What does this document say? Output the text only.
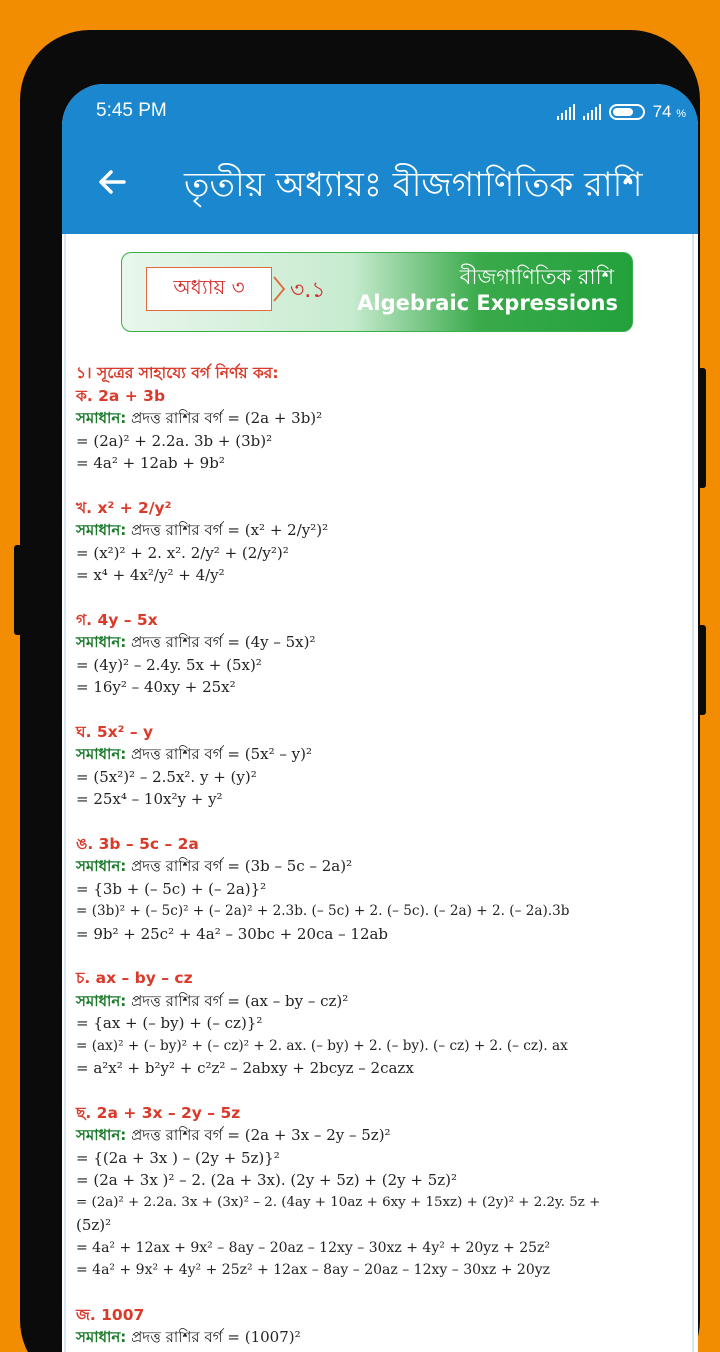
5:45 PM	74 %
তৃতীয় অধ্যায়ঃ বীজগাণিতিক রাশি
অধ্যায় ৩	৩.১
বীজগাণিতিক রাশি
Algebraic Expressions
১। সূত্রের সাহায্যে বর্গ নির্ণয় কর:
ক. 2a + 3b
সমাধান: প্রদত্ত রাশির বর্গ = (2a + 3b)²
= (2a)² + 2.2a. 3b + (3b)²
= 4a² + 12ab + 9b²
খ. x² + 2/y²
সমাধান: প্রদত্ত রাশির বর্গ = (x² + 2/y²)²
= (x²)² + 2. x². 2/y² + (2/y²)²
= x⁴ + 4x²/y² + 4/y²
গ. 4y – 5x
সমাধান: প্রদত্ত রাশির বর্গ = (4y – 5x)²
= (4y)² – 2.4y. 5x + (5x)²
= 16y² – 40xy + 25x²
ঘ. 5x² – y
সমাধান: প্রদত্ত রাশির বর্গ = (5x² – y)²
= (5x²)² – 2.5x². y + (y)²
= 25x⁴ – 10x²y + y²
ঙ. 3b – 5c – 2a
সমাধান: প্রদত্ত রাশির বর্গ = (3b – 5c – 2a)²
= {3b + (– 5c) + (– 2a)}²
= (3b)² + (– 5c)² + (– 2a)² + 2.3b. (– 5c) + 2. (– 5c). (– 2a) + 2. (– 2a).3b
= 9b² + 25c² + 4a² – 30bc + 20ca – 12ab
চ. ax – by – cz
সমাধান: প্রদত্ত রাশির বর্গ = (ax – by – cz)²
= {ax + (– by) + (– cz)}²
= (ax)² + (– by)² + (– cz)² + 2. ax. (– by) + 2. (– by). (– cz) + 2. (– cz). ax
= a²x² + b²y² + c²z² – 2abxy + 2bcyz – 2cazx
ছ. 2a + 3x – 2y – 5z
সমাধান: প্রদত্ত রাশির বর্গ = (2a + 3x – 2y – 5z)²
= {(2a + 3x ) – (2y + 5z)}²
= (2a + 3x )² – 2. (2a + 3x). (2y + 5z) + (2y + 5z)²
= (2a)² + 2.2a. 3x + (3x)² – 2. (4ay + 10az + 6xy + 15xz) + (2y)² + 2.2y. 5z +
(5z)²
= 4a² + 12ax + 9x² – 8ay – 20az – 12xy – 30xz + 4y² + 20yz + 25z²
= 4a² + 9x² + 4y² + 25z² + 12ax – 8ay – 20az – 12xy – 30xz + 20yz
জ. 1007
সমাধান: প্রদত্ত রাশির বর্গ = (1007)²
